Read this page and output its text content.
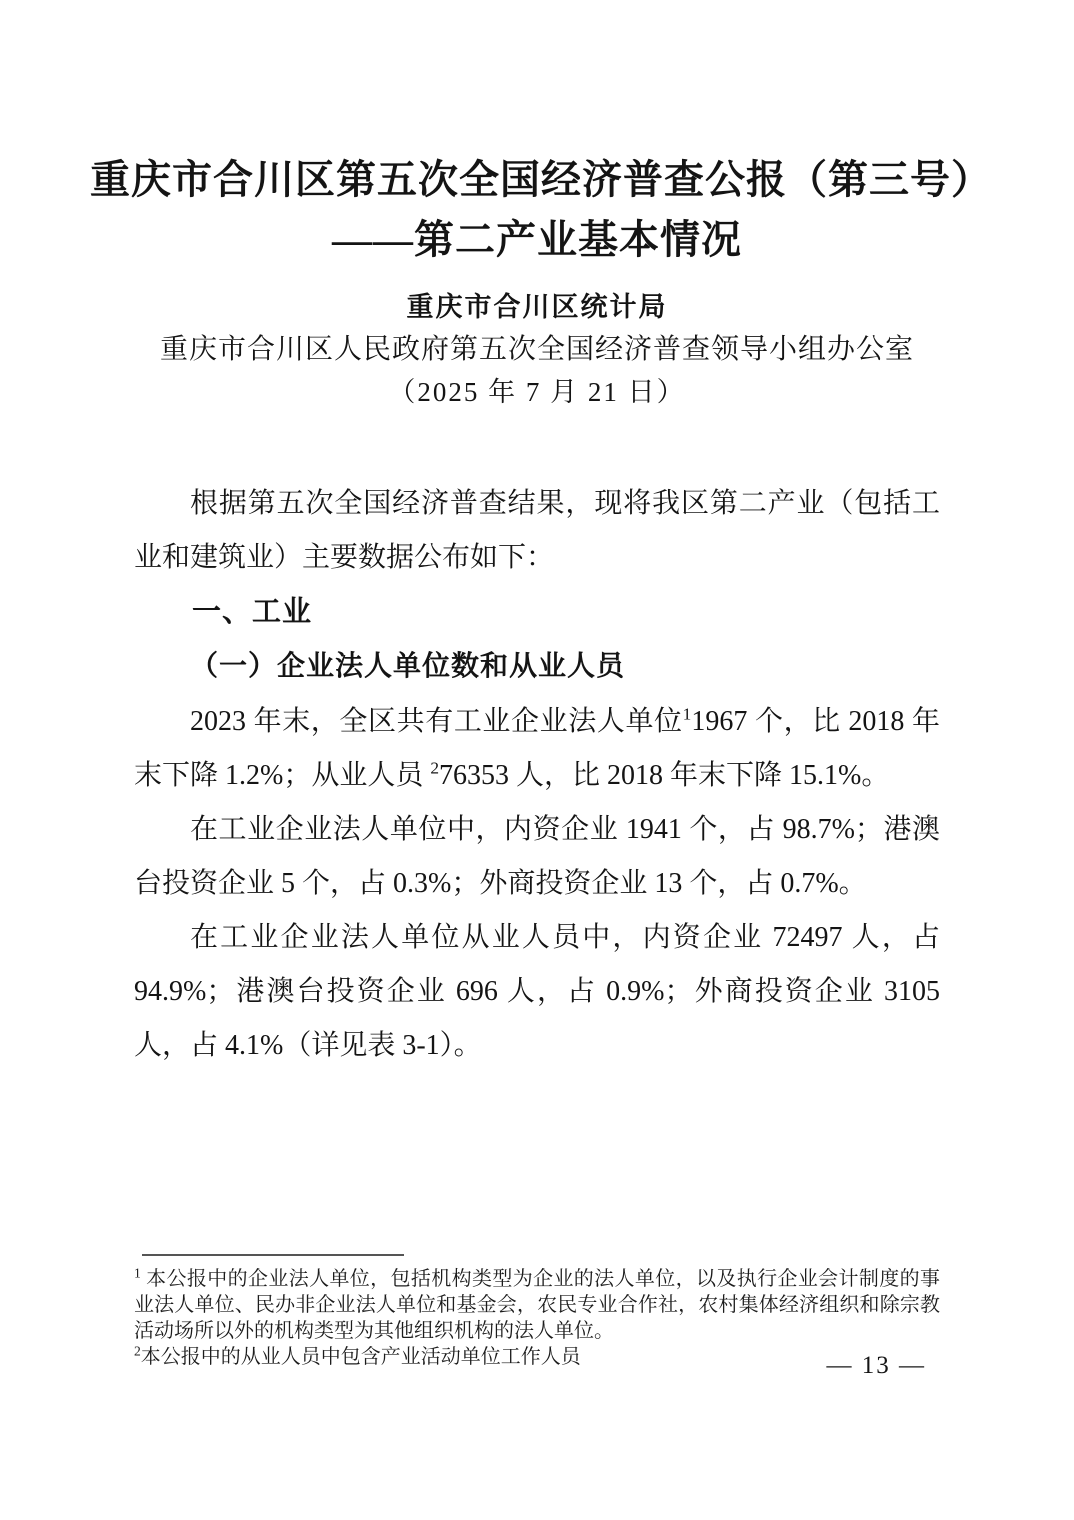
重庆市合川区第五次全国经济普查公报（第三号）
——第二产业基本情况
重庆市合川区统计局
重庆市合川区人民政府第五次全国经济普查领导小组办公室
（2025 年 7 月 21 日）

根据第五次全国经济普查结果，现将我区第二产业（包括工业和建筑业）主要数据公布如下：

一、工业
（一）企业法人单位数和从业人员

2023 年末，全区共有工业企业法人单位$^1$1967 个，比 2018 年末下降 1.2%；从业人员 $^2$76353 人，比 2018 年末下降 15.1%。

在工业企业法人单位中，内资企业 1941 个，占 98.7%；港澳台投资企业 5 个，占 0.3%；外商投资企业 13 个，占 0.7%。

在工业企业法人单位从业人员中，内资企业 72497 人，占 94.9%；港澳台投资企业 696 人，占 0.9%；外商投资企业 3105 人，占 4.1%（详见表 3-1）。

$^1$ 本公报中的企业法人单位，包括机构类型为企业的法人单位，以及执行企业会计制度的事业法人单位、民办非企业法人单位和基金会，农民专业合作社，农村集体经济组织和除宗教活动场所以外的机构类型为其他组织机构的法人单位。

$^2$本公报中的从业人员中包含产业活动单位工作人员	— 13 —
